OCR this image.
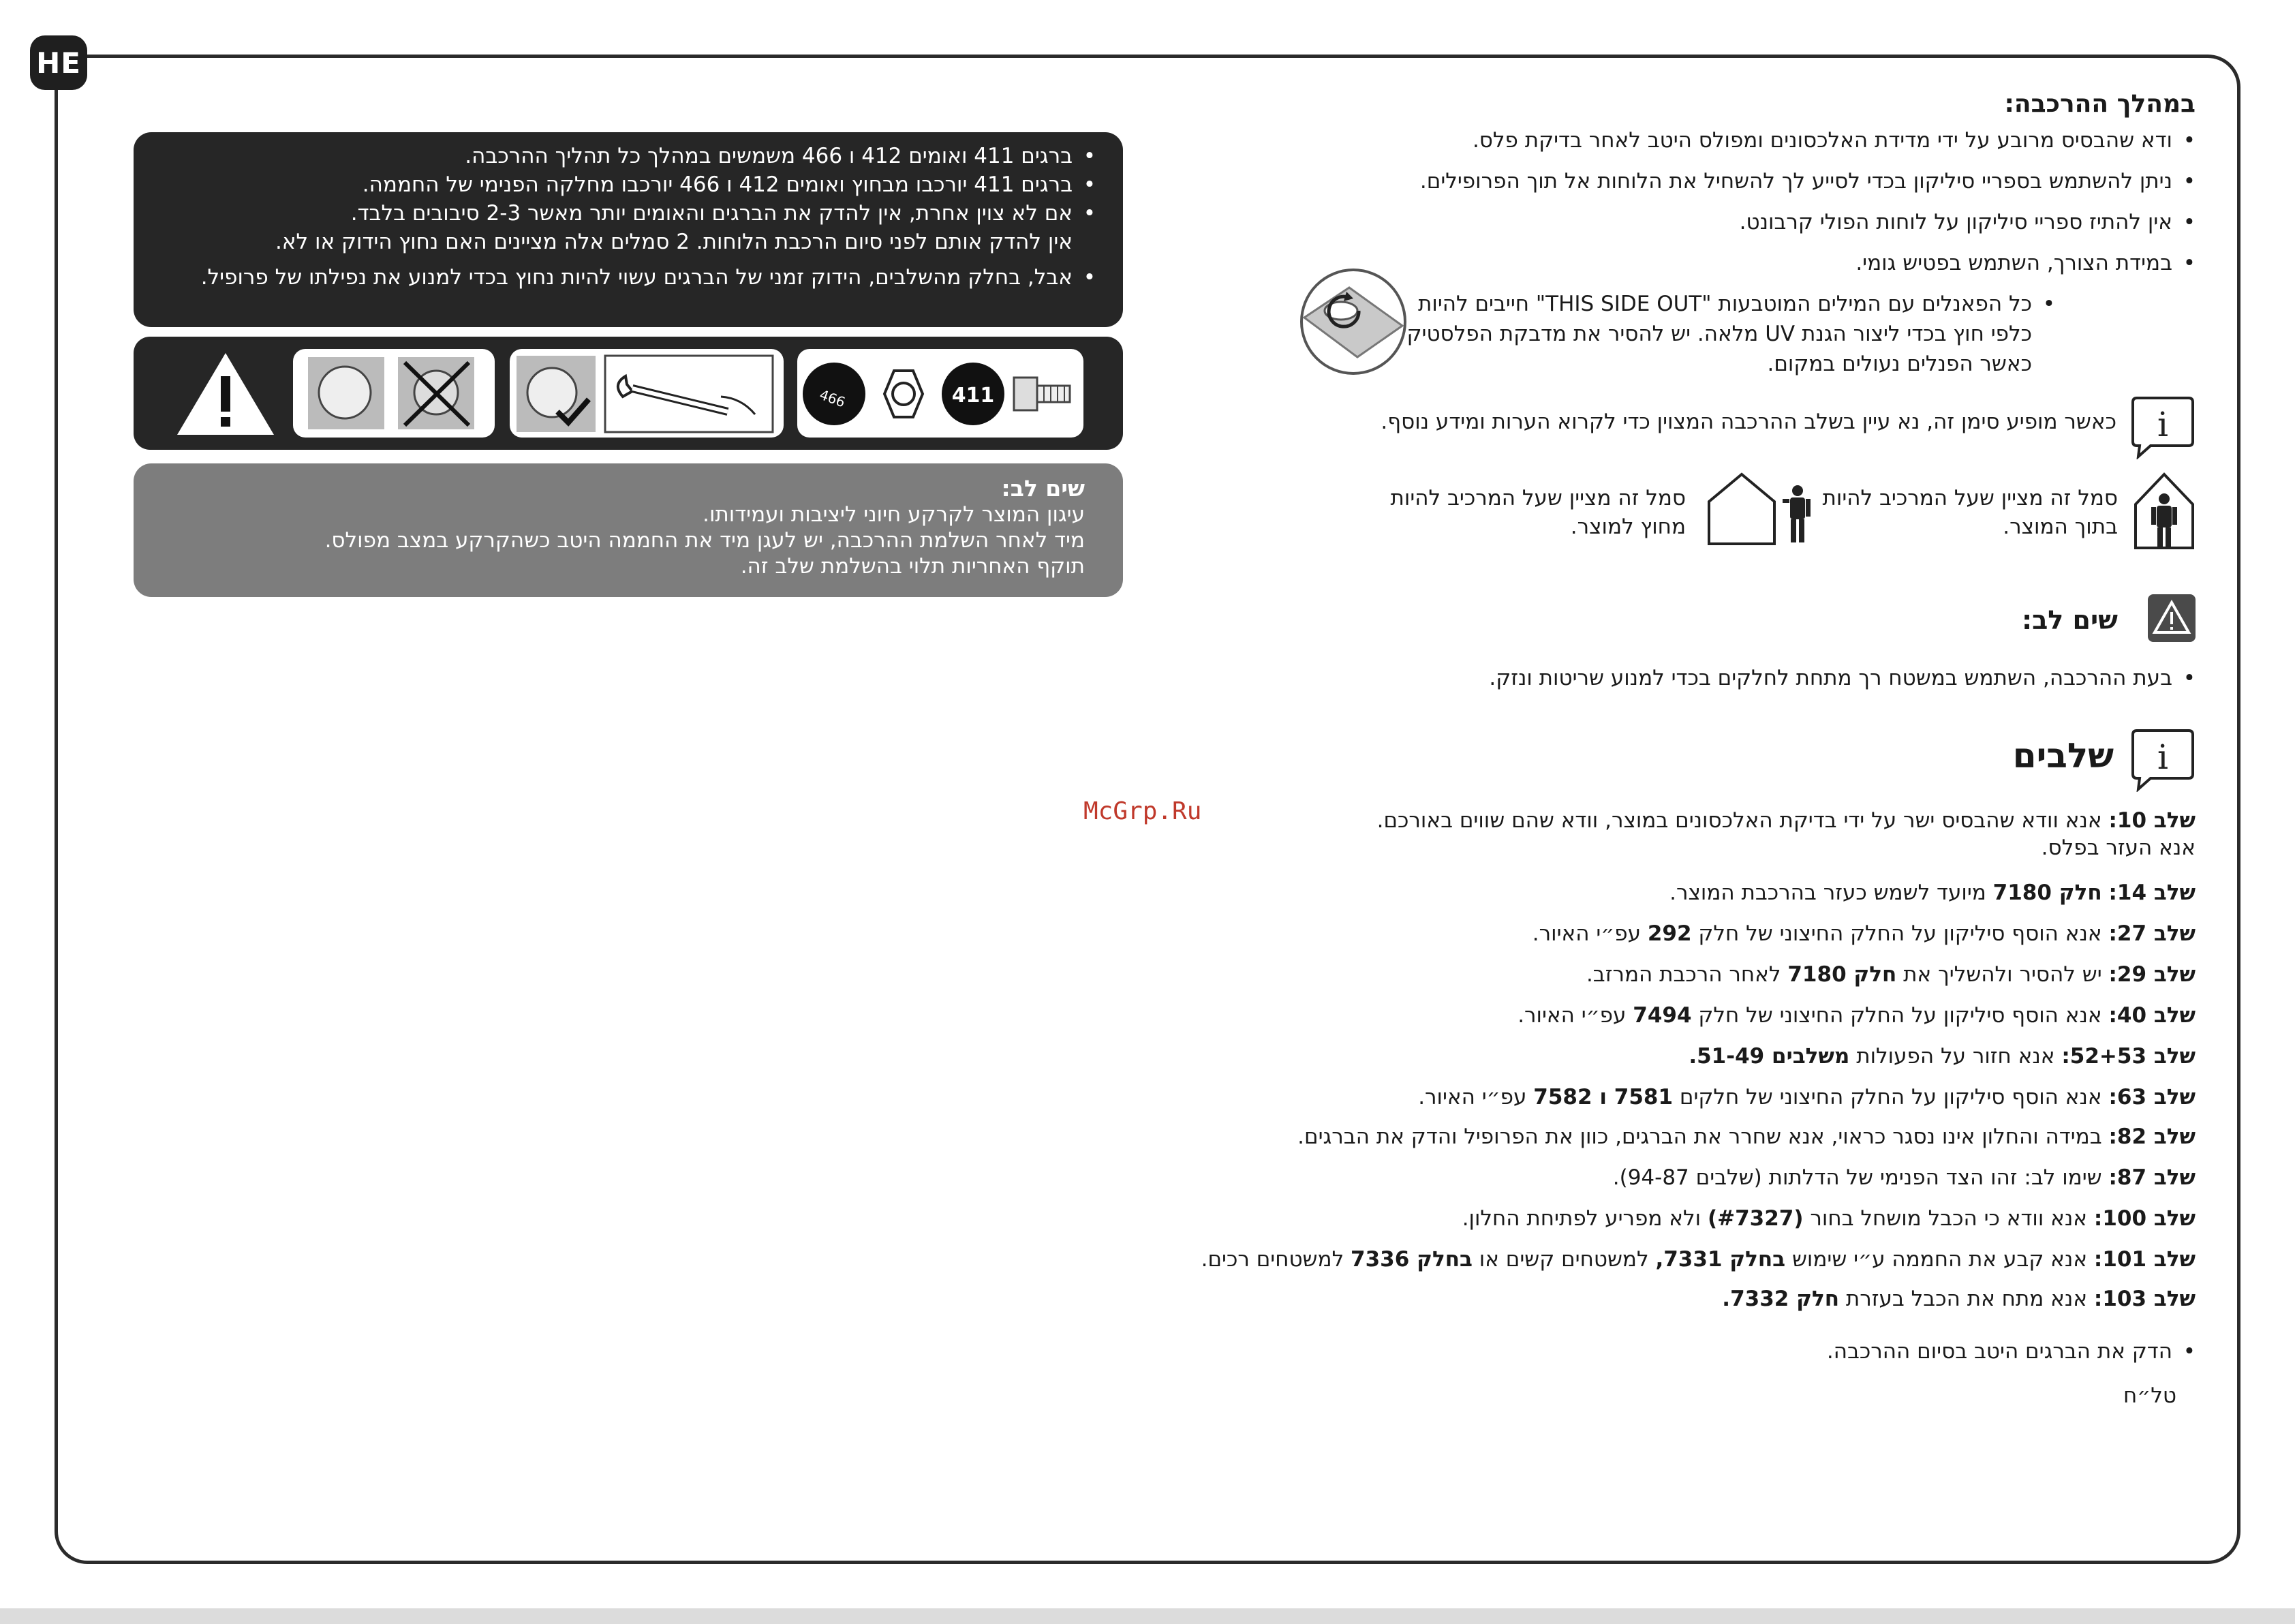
HE
במהלך ההרכבה:
• ודא שהבסיס מרובע על ידי מדידת האלכסונים ומפולס היטב לאחר בדיקת פלס.
• ניתן להשתמש בספריי סיליקון בכדי לסייע לך להשחיל את הלוחות אל תוך הפרופילים.
• אין להתיז ספריי סיליקון על לוחות הפולי קרבונט.
• במידת הצורך, השתמש בפטיש גומי.
• כל הפאנלים עם המילים המוטבעות "THIS SIDE OUT" חייבים להיות כלפי חוץ בכדי ליצור הגנת UV מלאה. יש להסיר את מדבקת הפלסטיק כאשר הפנלים נעולים במקום.
i
כאשר מופיע סימן זה, נא עיין בשלב ההרכבה המצוין כדי לקרוא הערות ומידע נוסף.
סמל זה מציין שעל המרכיב להיות בתוך המוצר.
סמל זה מציין שעל המרכיב להיות מחוץ למוצר.
שים לב:
• בעת ההרכבה, השתמש במשטח רך מתחת לחלקים בכדי למנוע שריטות ונזק.
i
שלבים
McGrp.Ru	שלב 10: אנא וודא שהבסיס ישר על ידי בדיקת האלכסונים במוצר, וודא שהם שווים באורכם.
אנא העזר בפלס.
שלב 14: חלק 7180 מיועד לשמש כעזר בהרכבת המוצר.
שלב 27: אנא הוסף סיליקון על החלק החיצוני של חלק 292 עפ״י האיור.
שלב 29: יש להסיר ולהשליך את חלק 7180 לאחר הרכבת המרזב.
שלב 40: אנא הוסף סיליקון על החלק החיצוני של חלק 7494 עפ״י האיור.
שלב 52+53: אנא חזור על הפעולות משלבים 51-49.
שלב 63: אנא הוסף סיליקון על החלק החיצוני של חלקים 7581 ו 7582 עפ״י האיור.
שלב 82: במידה והחלון אינו נסגר כראוי, אנא שחרר את הברגים, כוון את הפרופיל והדק את הברגים.
שלב 87: שימו לב: זהו הצד הפנימי של הדלתות (שלבים 94-87).
שלב 100: אנא וודא כי הכבל מושחל בחור (#7327) ולא מפריע לפתיחת החלון.
שלב 101: אנא קבע את החממה ע״י שימוש בחלק 7331, למשטחים קשים או בחלק 7336 למשטחים רכים.
שלב 103: אנא מתח את הכבל בעזרת חלק 7332.
• הדק את הברגים היטב בסיום ההרכבה.
טל״ח
• ברגים 411 ואומים 412 ו 466 משמשים במהלך כל תהליך ההרכבה.
• ברגים 411 יורכבו מבחוץ ואומים 412 ו 466 יורכבו מחלקה הפנימי של החממה.
• אם לא צוין אחרת, אין להדק את הברגים והאומים יותר מאשר 2-3 סיבובים בלבד.
אין להדק אותם לפני סיום הרכבת הלוחות. 2 סמלים אלה מציינים האם נחוץ הידוק או לא.
• אבל, בחלק מהשלבים, הידוק זמני של הברגים עשוי להיות נחוץ בכדי למנוע את נפילתו של פרופיל.
466	411
שים לב:
עיגון המוצר לקרקע חיוני ליציבות ועמידותו.
מיד לאחר השלמת ההרכבה, יש לעגן מיד את החממה היטב כשהקרקע במצב מפולס.
תוקף האחריות תלוי בהשלמת שלב זה.
